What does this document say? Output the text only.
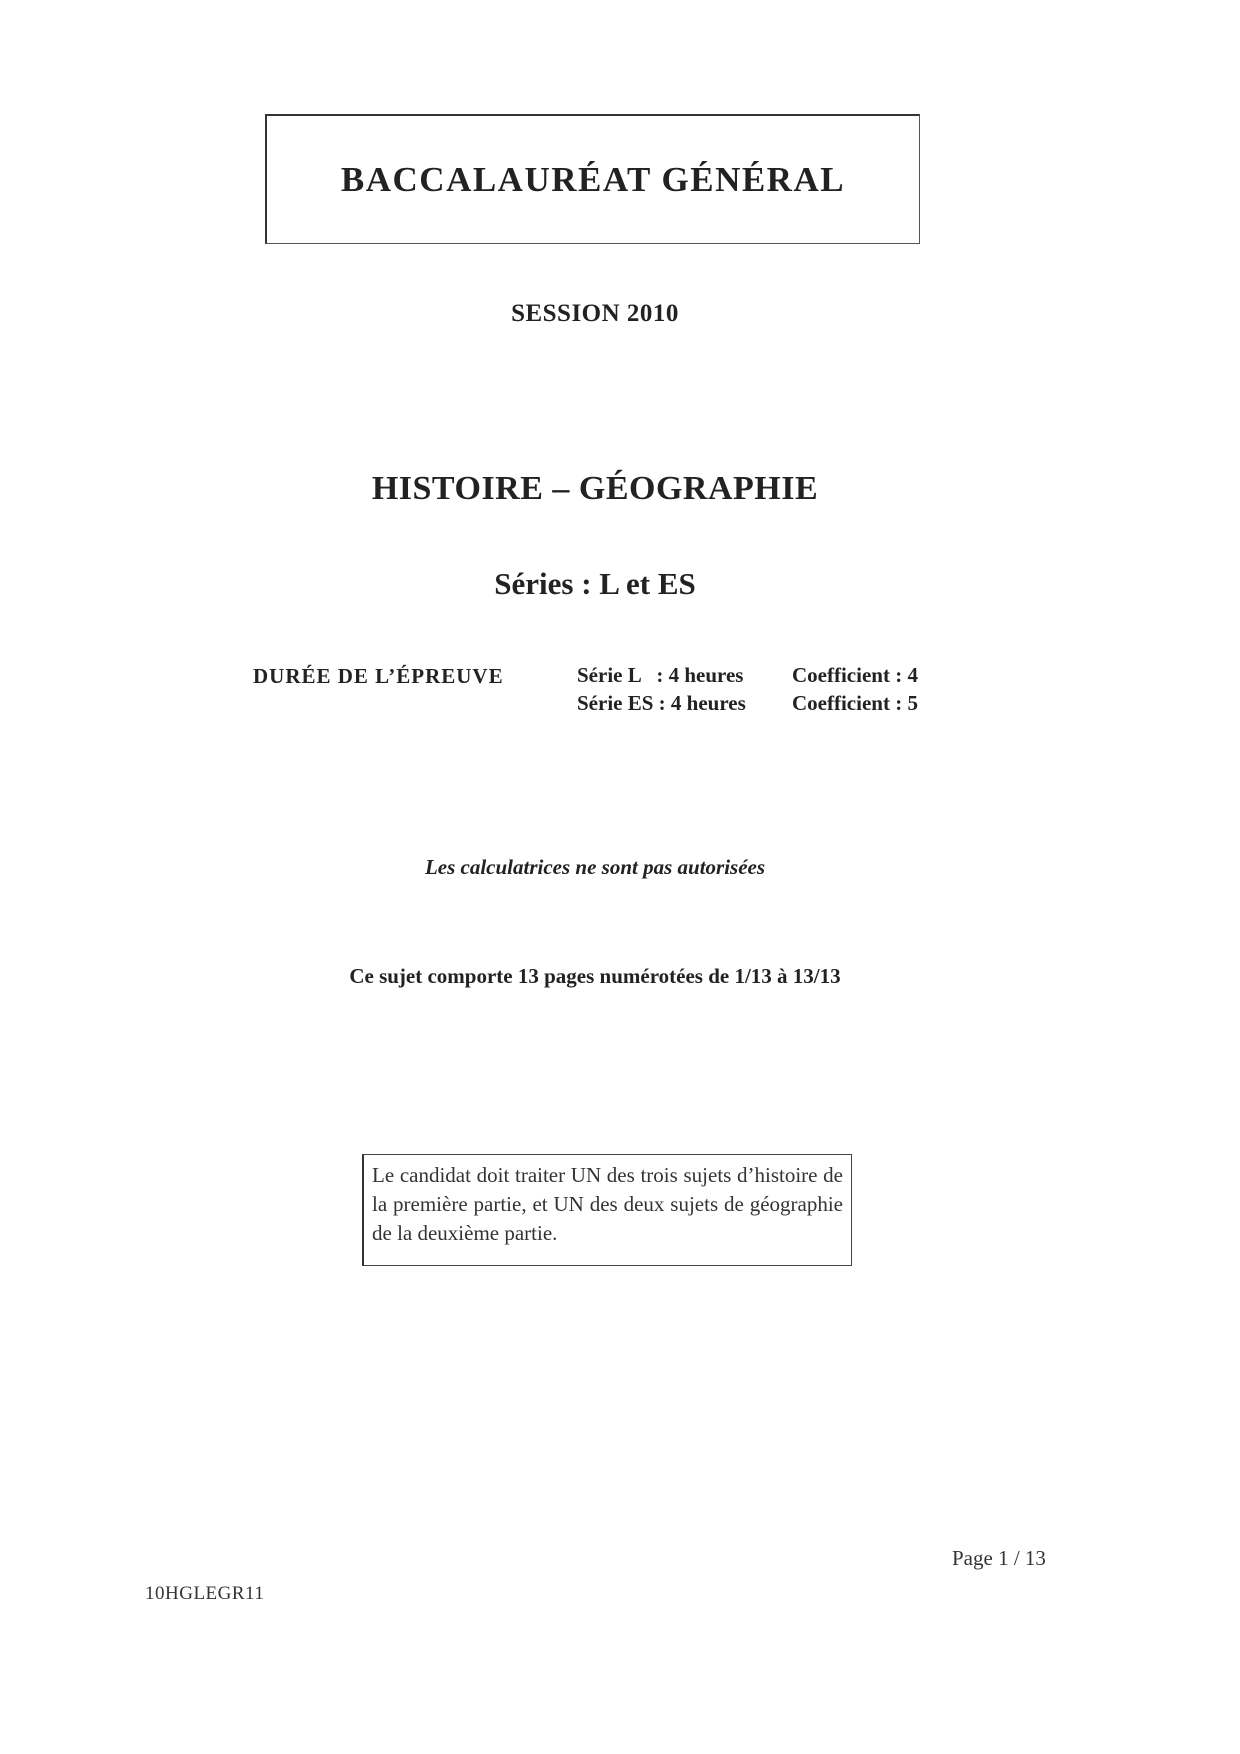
BACCALAURÉAT GÉNÉRAL
SESSION 2010
HISTOIRE – GÉOGRAPHIE
Séries : L et ES
DURÉE DE L’ÉPREUVE	Série L   : 4 heures Coefficient : 4
Série ES : 4 heures Coefficient : 5
Les calculatrices ne sont pas autorisées
Ce sujet comporte 13 pages numérotées de 1/13 à 13/13
Le candidat doit traiter UN des trois sujets d’histoire de la première partie, et UN des deux sujets de géographie de la deuxième partie.
Page 1 / 13
10HGLEGR11
